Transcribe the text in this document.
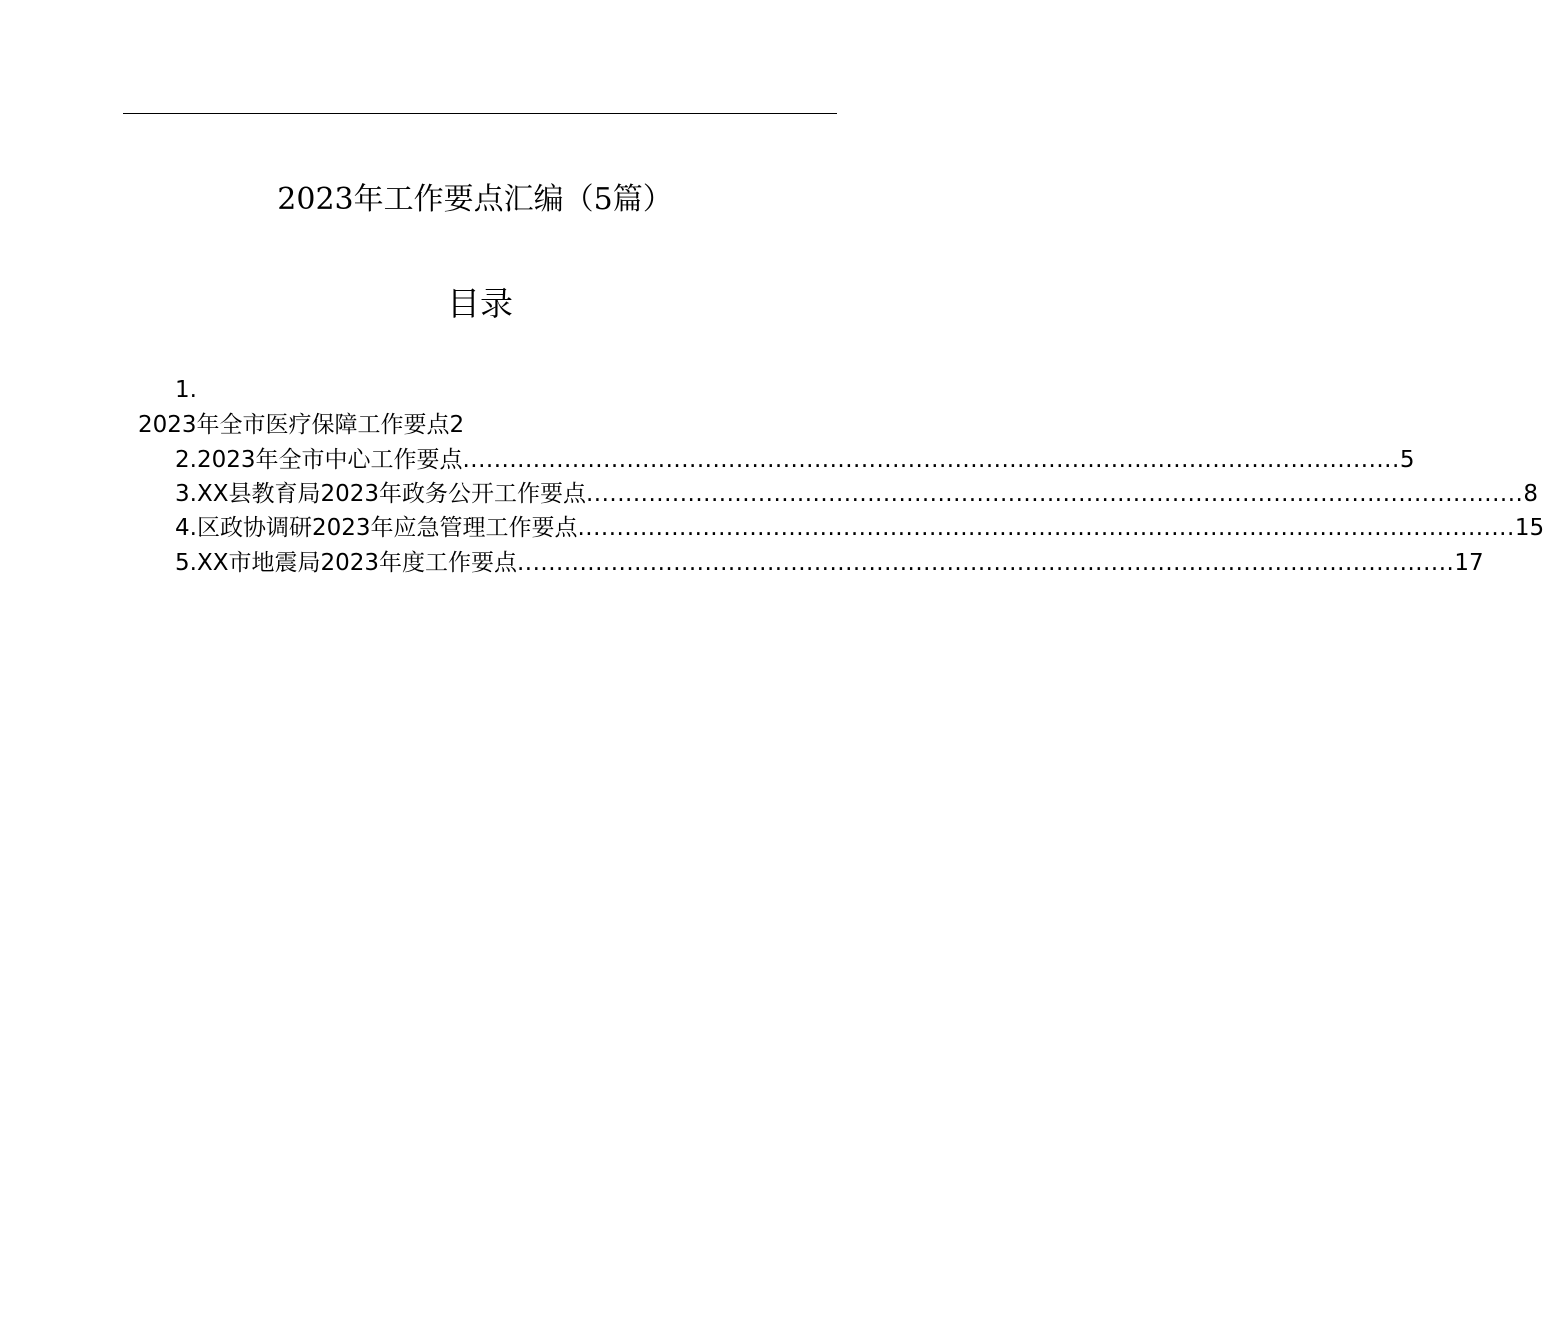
2023年工作要点汇编（5篇）
目录
1.
2023年全市医疗保障工作要点2
2.2023年全市中心工作要点 ........................................................................................................................ 5
3.XX县教育局2023年政务公开工作要点 ........................................................................................................................ 8
4.区政协调研2023年应急管理工作要点 ........................................................................................................................ 15
5.XX市地震局2023年度工作要点 ........................................................................................................................ 17
